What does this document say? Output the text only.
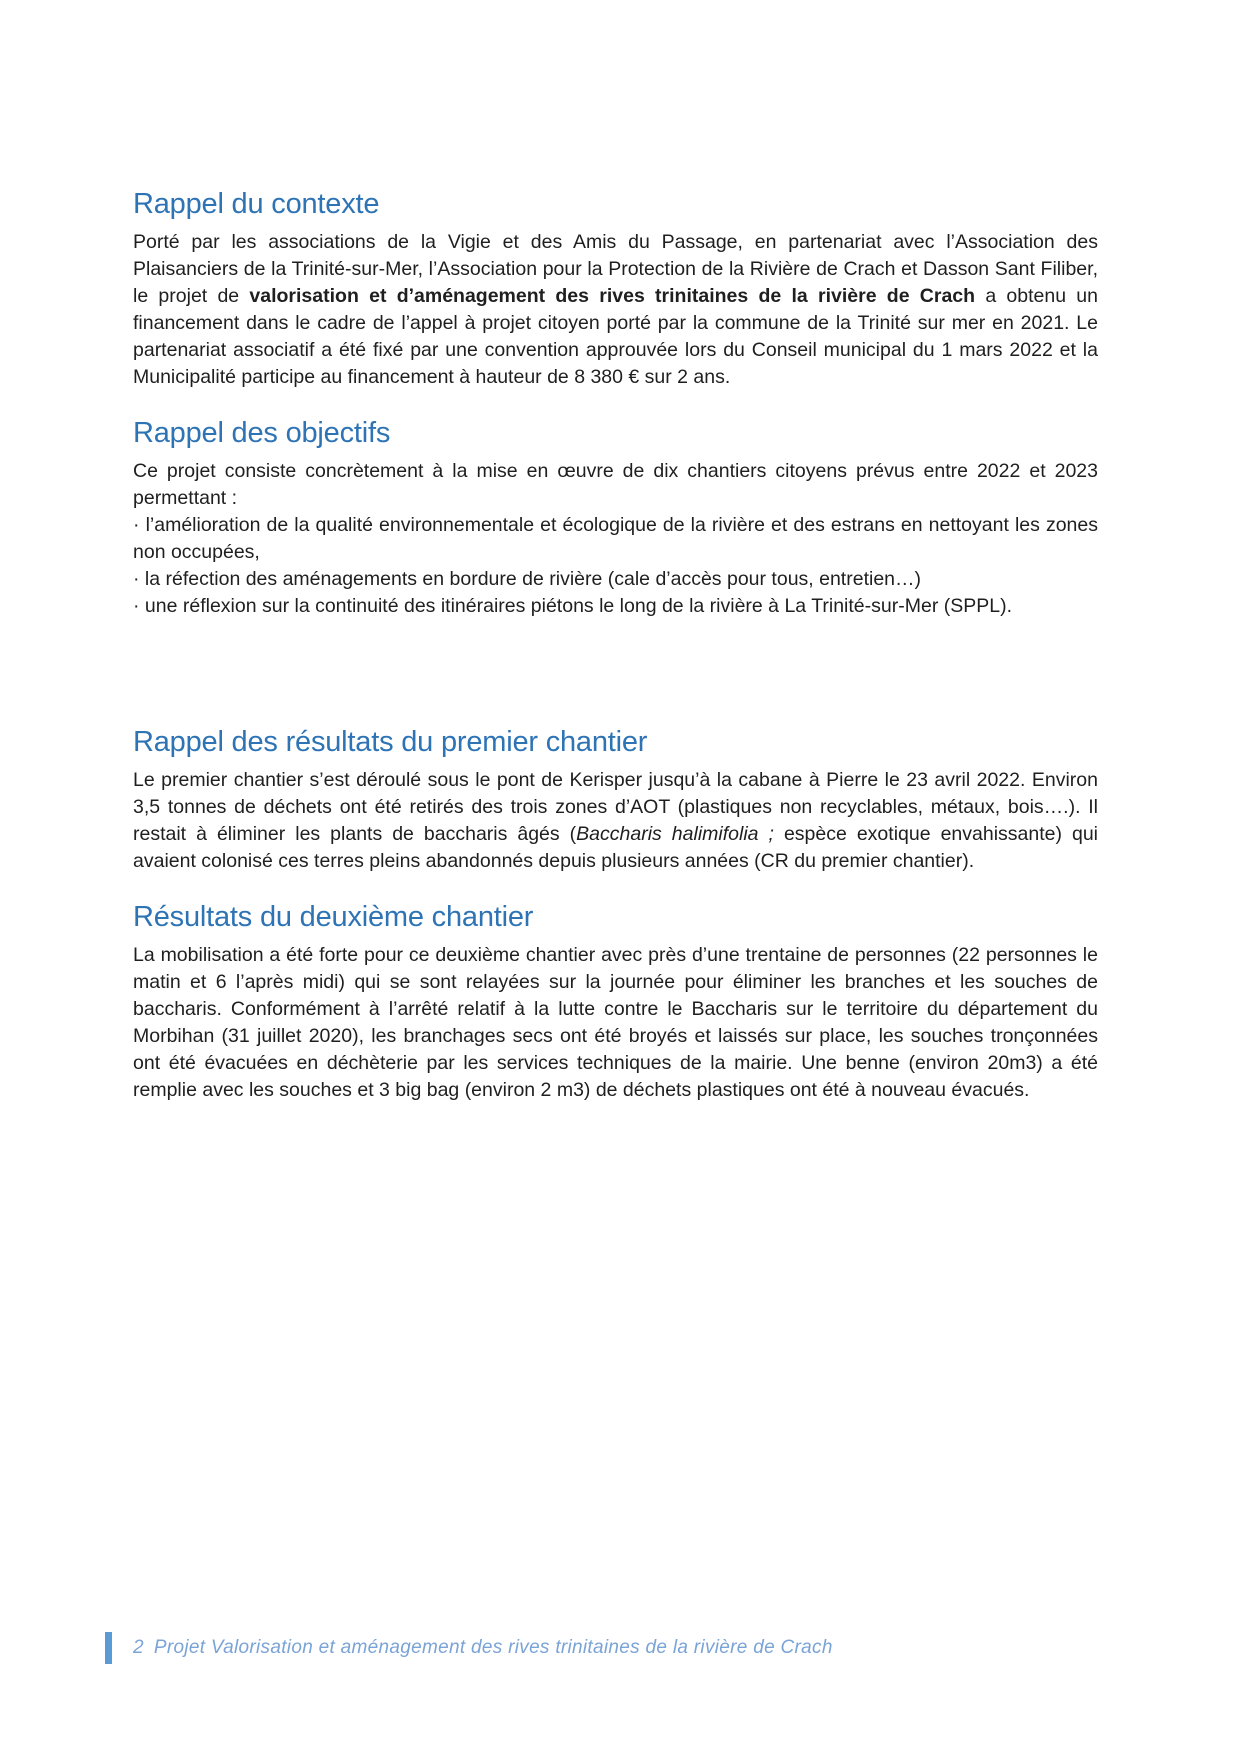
Rappel du contexte

Porté par les associations de la Vigie et des Amis du Passage, en partenariat avec l’Association des Plaisanciers de la Trinité-sur-Mer, l’Association pour la Protection de la Rivière de Crach et Dasson Sant Filiber, le projet de valorisation et d’aménagement des rives trinitaines de la rivière de Crach a obtenu un financement dans le cadre de l’appel à projet citoyen porté par la commune de la Trinité sur mer en 2021. Le partenariat associatif a été fixé par une convention approuvée lors du Conseil municipal du 1 mars 2022 et la Municipalité participe au financement à hauteur de 8 380 € sur 2 ans.

Rappel des objectifs

Ce projet consiste concrètement à la mise en œuvre de dix chantiers citoyens prévus entre 2022 et 2023 permettant :

· l’amélioration de la qualité environnementale et écologique de la rivière et des estrans en nettoyant les zones non occupées,

· la réfection des aménagements en bordure de rivière (cale d’accès pour tous, entretien…)

· une réflexion sur la continuité des itinéraires piétons le long de la rivière à La Trinité-sur-Mer (SPPL).

Rappel des résultats du premier chantier

Le premier chantier s’est déroulé sous le pont de Kerisper jusqu’à la cabane à Pierre le 23 avril 2022. Environ 3,5 tonnes de déchets ont été retirés des trois zones d’AOT (plastiques non recyclables, métaux, bois….). Il restait à éliminer les plants de baccharis âgés (Baccharis halimifolia ; espèce exotique envahissante) qui avaient colonisé ces terres pleins abandonnés depuis plusieurs années (CR du premier chantier).

Résultats du deuxième chantier

La mobilisation a été forte pour ce deuxième chantier avec près d’une trentaine de personnes (22 personnes le matin et 6 l’après midi) qui se sont relayées sur la journée pour éliminer les branches et les souches de baccharis. Conformément à l’arrêté relatif à la lutte contre le Baccharis sur le territoire du département du Morbihan (31 juillet 2020), les branchages secs ont été broyés et laissés sur place, les souches tronçonnées ont été évacuées en déchèterie par les services techniques de la mairie. Une benne (environ 20m3) a été remplie avec les souches et 3 big bag (environ 2 m3) de déchets plastiques ont été à nouveau évacués.

2 Projet Valorisation et aménagement des rives trinitaines de la rivière de Crach
